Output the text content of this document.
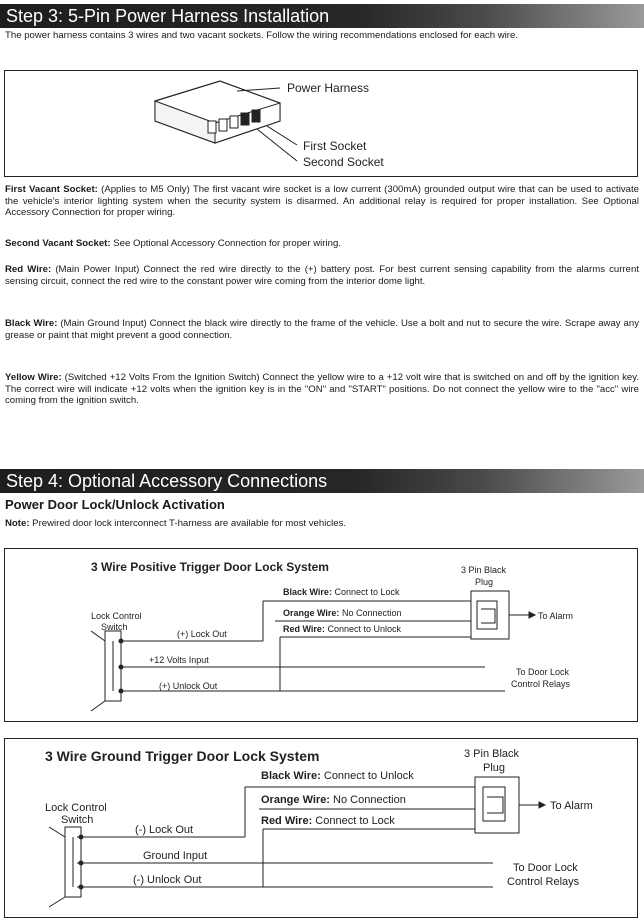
Step 3: 5-Pin Power Harness Installation
The power harness contains 3 wires and two vacant sockets. Follow the wiring recommendations enclosed for each wire.
Power Harness
First Socket
Second Socket
First Vacant Socket: (Applies to M5 Only) The first vacant wire socket is a low current (300mA) grounded output wire that can be used to activate the vehicle's interior lighting system when the security system is disarmed. An additional relay is required for proper installation. See Optional Accessory Connection for proper wiring.
Second Vacant Socket: See Optional Accessory Connection for proper wiring.
Red Wire: (Main Power Input) Connect the red wire directly to the (+) battery post. For best current sensing capability from the alarms current sensing circuit, connect the red wire to the constant power wire coming from the interior dome light.
Black Wire: (Main Ground Input) Connect the black wire directly to the frame of the vehicle. Use a bolt and nut to secure the wire. Scrape away any grease or paint that might prevent a good connection.
Yellow Wire: (Switched +12 Volts From the Ignition Switch) Connect the yellow wire to a +12 volt wire that is switched on and off by the ignition key. The correct wire will indicate +12 volts when the ignition key is in the "ON" and "START" positions. Do not connect the yellow wire to the "acc" wire coming from the ignition switch.
Step 4: Optional Accessory Connections
Power Door Lock/Unlock Activation
Note: Prewired door lock interconnect T-harness are available for most vehicles.
3 Wire Positive Trigger Door Lock System	3 Pin Black
Plug
Black Wire: Connect to Lock
Orange Wire: No Connection
Red Wire: Connect to Unlock
To Alarm
Lock Control
Switch
(+) Lock Out
+12 Volts Input
(+) Unlock Out
To Door Lock
Control Relays
3 Wire Ground Trigger Door Lock System	3 Pin Black
Plug
Black Wire: Connect to Unlock
Orange Wire: No Connection
Red Wire: Connect to Lock
To Alarm
Lock Control
Switch
(-) Lock Out
Ground Input
(-) Unlock Out
To Door Lock
Control Relays
